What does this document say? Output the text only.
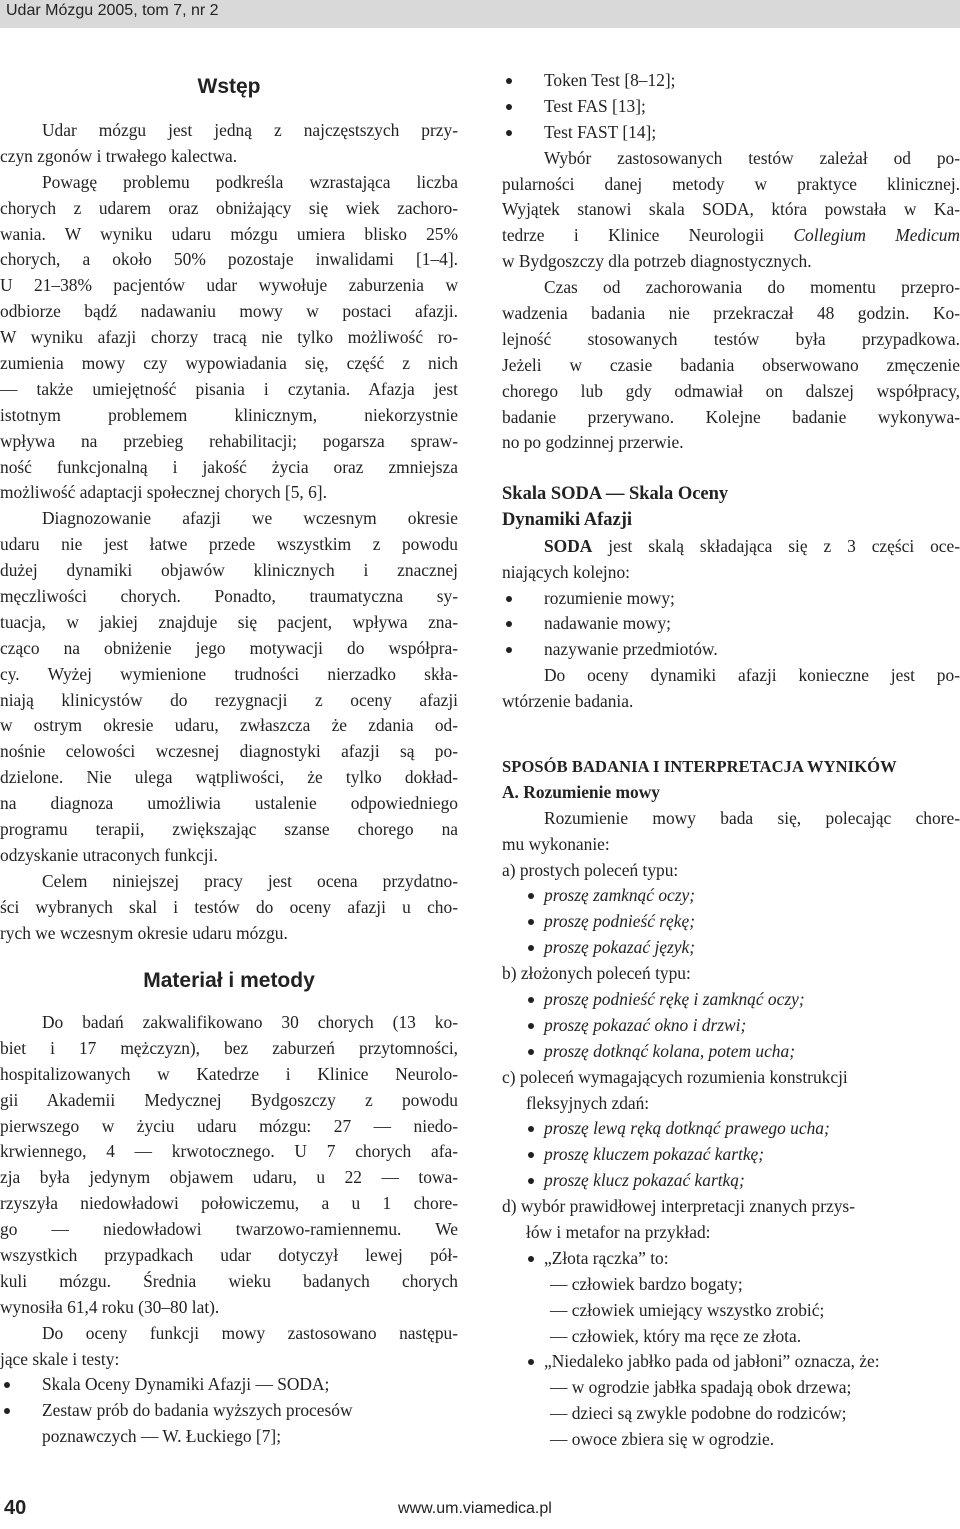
Udar Mózgu 2005, tom 7, nr 2
Wstęp
Udar mózgu jest jedną z najczęstszych przy-
czyn zgonów i trwałego kalectwa.
Powagę problemu podkreśla wzrastająca liczba
chorych z udarem oraz obniżający się wiek zachoro-
wania. W wyniku udaru mózgu umiera blisko 25%
chorych, a około 50% pozostaje inwalidami [1–4].
U 21–38% pacjentów udar wywołuje zaburzenia w
odbiorze bądź nadawaniu mowy w postaci afazji.
W wyniku afazji chorzy tracą nie tylko możliwość ro-
zumienia mowy czy wypowiadania się, część z nich
— także umiejętność pisania i czytania. Afazja jest
istotnym problemem klinicznym, niekorzystnie
wpływa na przebieg rehabilitacji; pogarsza spraw-
ność funkcjonalną i jakość życia oraz zmniejsza
możliwość adaptacji społecznej chorych [5, 6].
Diagnozowanie afazji we wczesnym okresie
udaru nie jest łatwe przede wszystkim z powodu
dużej dynamiki objawów klinicznych i znacznej
męczliwości chorych. Ponadto, traumatyczna sy-
tuacja, w jakiej znajduje się pacjent, wpływa zna-
cząco na obniżenie jego motywacji do współpra-
cy. Wyżej wymienione trudności nierzadko skła-
niają klinicystów do rezygnacji z oceny afazji
w ostrym okresie udaru, zwłaszcza że zdania od-
nośnie celowości wczesnej diagnostyki afazji są po-
dzielone. Nie ulega wątpliwości, że tylko dokład-
na diagnoza umożliwia ustalenie odpowiedniego
programu terapii, zwiększając szanse chorego na
odzyskanie utraconych funkcji.
Celem niniejszej pracy jest ocena przydatno-
ści wybranych skal i testów do oceny afazji u cho-
rych we wczesnym okresie udaru mózgu.
Materiał i metody
Do badań zakwalifikowano 30 chorych (13 ko-
biet i 17 mężczyzn), bez zaburzeń przytomności,
hospitalizowanych w Katedrze i Klinice Neurolo-
gii Akademii Medycznej Bydgoszczy z powodu
pierwszego w życiu udaru mózgu: 27 — niedo-
krwiennego, 4 — krwotocznego. U 7 chorych afa-
zja była jedynym objawem udaru, u 22 — towa-
rzyszyła niedowładowi połowiczemu, a u 1 chore-
go — niedowładowi twarzowo-ramiennemu. We
wszystkich przypadkach udar dotyczył lewej pół-
kuli mózgu. Średnia wieku badanych chorych
wynosiła 61,4 roku (30–80 lat).
Do oceny funkcji mowy zastosowano następu-
jące skale i testy:
Skala Oceny Dynamiki Afazji — SODA;
Zestaw prób do badania wyższych procesów
poznawczych — W. Łuckiego [7];
Token Test [8–12];
Test FAS [13];
Test FAST [14];
Wybór zastosowanych testów zależał od po-
pularności danej metody w praktyce klinicznej.
Wyjątek stanowi skala SODA, która powstała w Ka-
tedrze i Klinice Neurologii Collegium Medicum
w Bydgoszczy dla potrzeb diagnostycznych.
Czas od zachorowania do momentu przepro-
wadzenia badania nie przekraczał 48 godzin. Ko-
lejność stosowanych testów była przypadkowa.
Jeżeli w czasie badania obserwowano zmęczenie
chorego lub gdy odmawiał on dalszej współpracy,
badanie przerywano. Kolejne badanie wykonywa-
no po godzinnej przerwie.
Skala SODA — Skala Oceny
Dynamiki Afazji
SODA jest skalą składająca się z 3 części oce-
niających kolejno:
rozumienie mowy;
nadawanie mowy;
nazywanie przedmiotów.
Do oceny dynamiki afazji konieczne jest po-
wtórzenie badania.
SPOSÓB BADANIA I INTERPRETACJA WYNIKÓW
A. Rozumienie mowy
Rozumienie mowy bada się, polecając chore-
mu wykonanie:
a) prostych poleceń typu:
proszę zamknąć oczy;
proszę podnieść rękę;
proszę pokazać język;
b) złożonych poleceń typu:
proszę podnieść rękę i zamknąć oczy;
proszę pokazać okno i drzwi;
proszę dotknąć kolana, potem ucha;
c) poleceń wymagających rozumienia konstrukcji
fleksyjnych zdań:
proszę lewą ręką dotknąć prawego ucha;
proszę kluczem pokazać kartkę;
proszę klucz pokazać kartką;
d) wybór prawidłowej interpretacji znanych przys-
łów i metafor na przykład:
„Złota rączka” to:
— człowiek bardzo bogaty;
— człowiek umiejący wszystko zrobić;
— człowiek, który ma ręce ze złota.
„Niedaleko jabłko pada od jabłoni” oznacza, że:
— w ogrodzie jabłka spadają obok drzewa;
— dzieci są zwykle podobne do rodziców;
— owoce zbiera się w ogrodzie.
40	www.um.viamedica.pl
